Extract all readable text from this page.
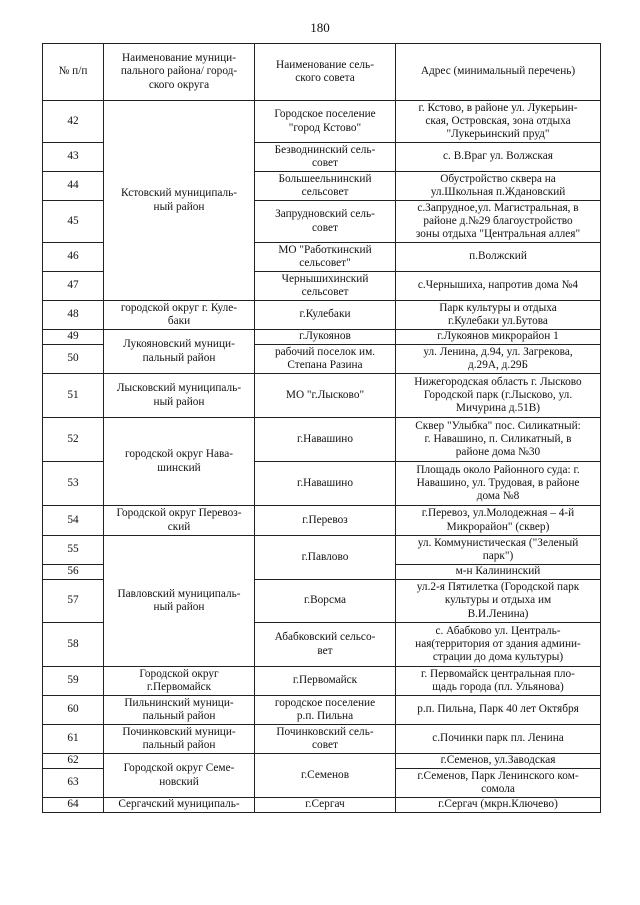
180
№ п/п	Наименование муници-
пального района/ город-
ского округа	Наименование сель-
ского совета	Адрес (минимальный перечень)
42	Кстовский муниципаль-
ный район	Городское поселение
"город Кстово"	г. Кстово, в районе ул. Лукерьин-
ская, Островская, зона отдыха
"Лукерьинский пруд"
43		Безводнинский сель-
совет	с. В.Враг ул. Волжская
44		Большеельнинский
сельсовет	Обустройство сквера на
ул.Школьная п.Ждановский
45		Запрудновский сель-
совет	с.Запрудное,ул. Магистральная, в
районе д.№29 благоустройство
зоны отдыха "Центральная аллея"
46		МО "Работкинский
сельсовет"	п.Волжский
47		Чернышихинский
сельсовет	с.Чернышиха, напротив дома №4
48	городской округ г. Куле-
баки	г.Кулебаки	Парк культуры и отдыха
г.Кулебаки ул.Бутова
49	Лукояновский муници-
пальный район	г.Лукоянов	г.Лукоянов микрорайон 1
50		рабочий поселок им.
Степана Разина	ул. Ленина, д.94, ул. Загрекова,
д.29А, д.29Б
51	Лысковский муниципаль-
ный район	МО "г.Лысково"	Нижегородская область г. Лысково
Городской парк (г.Лысково, ул.
Мичурина д.51В)
52	городской округ Нава-
шинский	г.Навашино	Сквер "Улыбка" пос. Силикатный:
г. Навашино, п. Силикатный, в
районе дома №30
53		г.Навашино	Площадь около Районного суда: г.
Навашино, ул. Трудовая, в районе
дома №8
54	Городской округ Перевоз-
ский	г.Перевоз	г.Перевоз, ул.Молодежная – 4-й
Микрорайон" (сквер)
55	Павловский муниципаль-
ный район	г.Павлово	ул. Коммунистическая ("Зеленый
парк")
56			м-н Калининский
57		г.Ворсма	ул.2-я Пятилетка (Городской парк
культуры и отдыха им
В.И.Ленина)
58		Абабковский сельсо-
вет	с. Абабково ул. Централь-
ная(территория от здания админи-
страции до дома культуры)
59	Городской округ
г.Первомайск	г.Первомайск	г. Первомайск центральная пло-
щадь города (пл. Ульянова)
60	Пильнинский муници-
пальный район	городское поселение
р.п. Пильна	р.п. Пильна, Парк 40 лет Октября
61	Починковский муници-
пальный район	Починковский сель-
совет	с.Починки парк пл. Ленина
62	Городской округ Семе-
новский	г.Семенов	г.Семенов, ул.Заводская
63			г.Семенов, Парк Ленинского ком-
сомола
64	Сергачский муниципаль-	г.Сергач	г.Сергач (мкрн.Ключево)
